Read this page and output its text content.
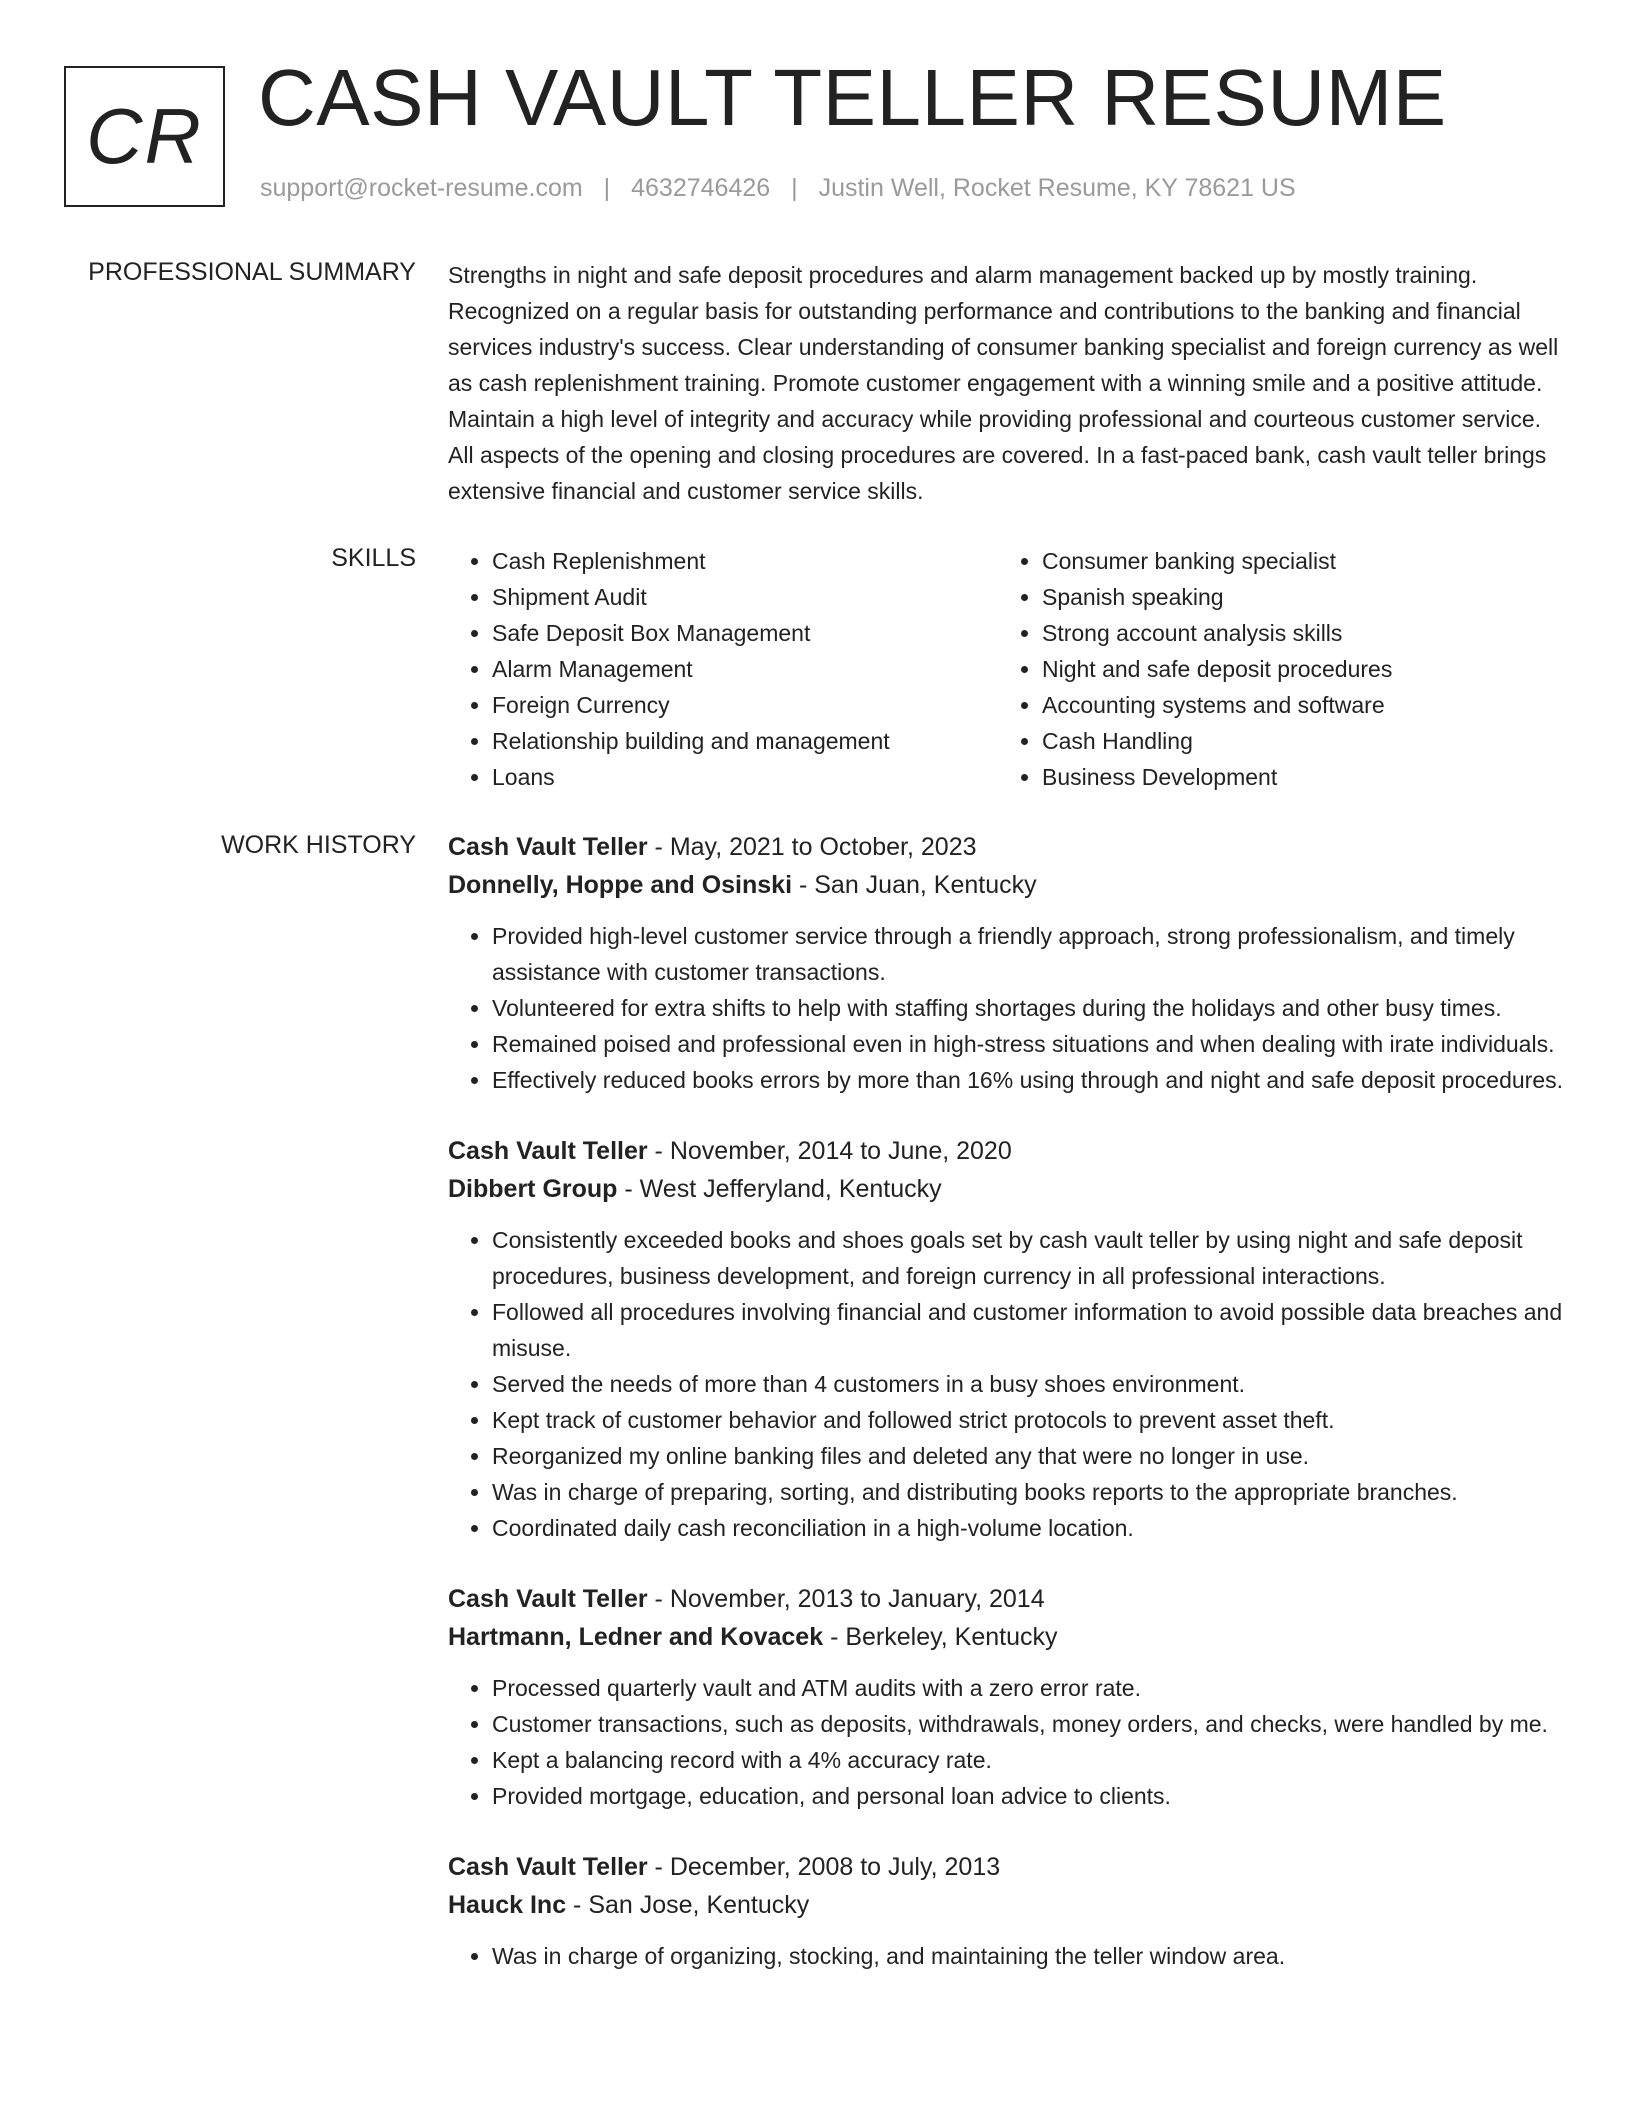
CR CASH VAULT TELLER RESUME
support@rocket-resume.com | 4632746426 | Justin Well, Rocket Resume, KY 78621 US
PROFESSIONAL SUMMARY Strengths in night and safe deposit procedures and alarm management backed up by mostly training. Recognized on a regular basis for outstanding performance and contributions to the banking and financial services industry's success. Clear understanding of consumer banking specialist and foreign currency as well as cash replenishment training. Promote customer engagement with a winning smile and a positive attitude. Maintain a high level of integrity and accuracy while providing professional and courteous customer service. All aspects of the opening and closing procedures are covered. In a fast-paced bank, cash vault teller brings extensive financial and customer service skills.

SKILLS
•	Cash Replenishment
• Shipment Audit
• Safe Deposit Box Management
• Alarm Management
• Foreign Currency
• Relationship building and management
• Loans
• Consumer banking specialist
• Spanish speaking
• Strong account analysis skills
• Night and safe deposit procedures
• Accounting systems and software
• Cash Handling
• Business Development
WORK HISTORY Cash Vault Teller - May, 2021 to October, 2023

Donnelly, Hoppe and Osinski - San Juan, Kentucky

• Provided high-level customer service through a friendly approach, strong professionalism, and timely assistance with customer transactions.
• Volunteered for extra shifts to help with staffing shortages during the holidays and other busy times.
• Remained poised and professional even in high-stress situations and when dealing with irate individuals.
• Effectively reduced books errors by more than 16% using through and night and safe deposit procedures.

Cash Vault Teller - November, 2014 to June, 2020

Dibbert Group - West Jefferyland, Kentucky

• Consistently exceeded books and shoes goals set by cash vault teller by using night and safe deposit procedures, business development, and foreign currency in all professional interactions.
• Followed all procedures involving financial and customer information to avoid possible data breaches and misuse.
• Served the needs of more than 4 customers in a busy shoes environment.
• Kept track of customer behavior and followed strict protocols to prevent asset theft.
• Reorganized my online banking files and deleted any that were no longer in use.
• Was in charge of preparing, sorting, and distributing books reports to the appropriate branches.
• Coordinated daily cash reconciliation in a high-volume location.

Cash Vault Teller - November, 2013 to January, 2014

Hartmann, Ledner and Kovacek - Berkeley, Kentucky

• Processed quarterly vault and ATM audits with a zero error rate.
• Customer transactions, such as deposits, withdrawals, money orders, and checks, were handled by me.
• Kept a balancing record with a 4% accuracy rate.
• Provided mortgage, education, and personal loan advice to clients.

Cash Vault Teller - December, 2008 to July, 2013

Hauck Inc - San Jose, Kentucky

• Was in charge of organizing, stocking, and maintaining the teller window area.
